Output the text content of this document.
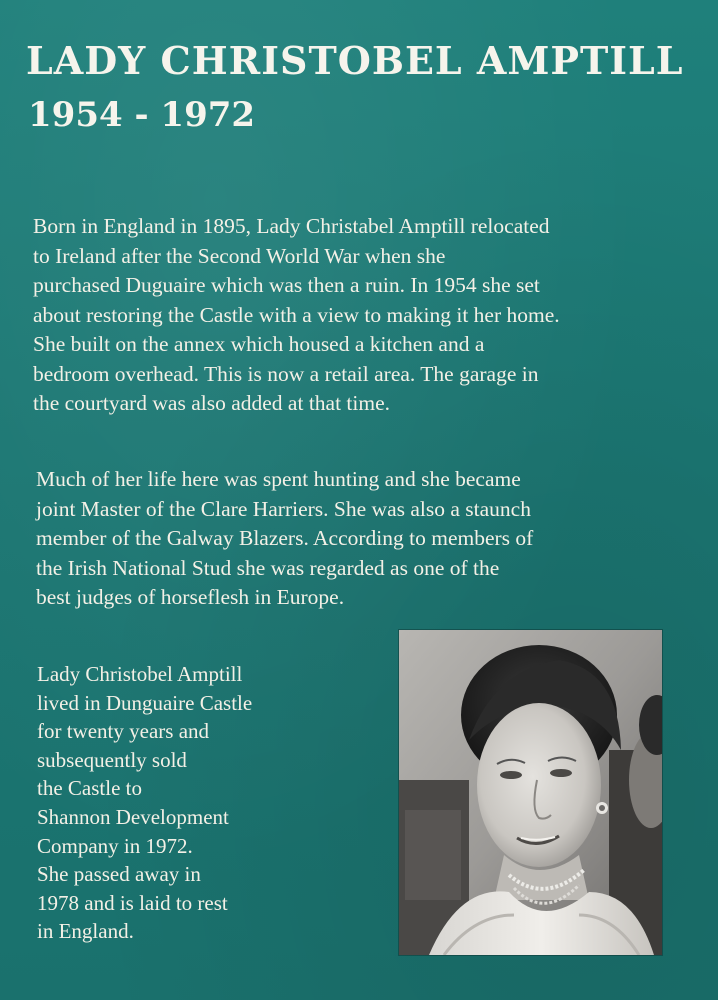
LADY CHRISTOBEL AMPTILL
1954 - 1972
Born in England in 1895, Lady Christabel Amptill relocated
to Ireland after the Second World War when she
purchased Duguaire which was then a ruin. In 1954 she set
about restoring the Castle with a view to making it her home.
She built on the annex which housed a kitchen and a
bedroom overhead. This is now a retail area. The garage in
the courtyard was also added at that time.
Much of her life here was spent hunting and she became
joint Master of the Clare Harriers. She was also a staunch
member of the Galway Blazers. According to members of
the Irish National Stud she was regarded as one of the
best judges of horseflesh in Europe.
Lady Christobel Amptill
lived in Dunguaire Castle
for twenty years and
subsequently sold
the Castle to
Shannon Development
Company in 1972.
She passed away in
1978 and is laid to rest
in England.
